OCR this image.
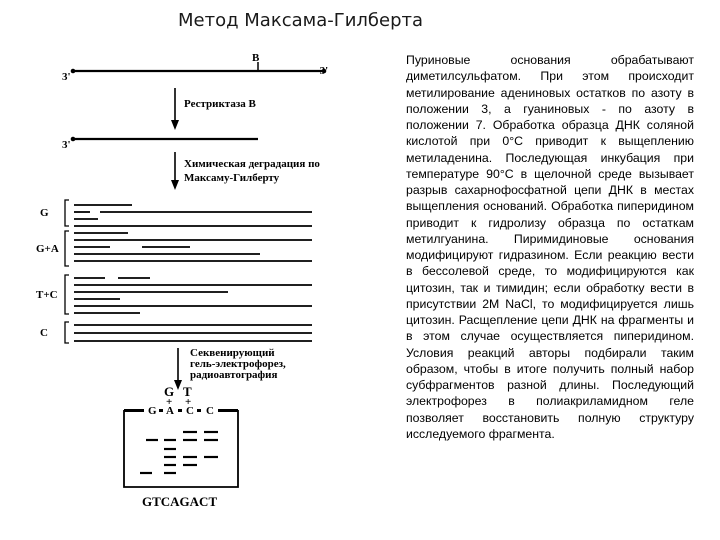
Метод Максама-Гилберта
B
3'	-3'
Рестриктаза В
3'
Химическая деградация по
Максаму-Гилберту
G
G+A
T+C
C
Секвенирующий
гель-электрофорез,
радиоавтография
G T
+ +
G A C C
GTCAGACT
Пуриновые основания обрабатывают диметилсульфатом. При этом происходит метилирование адениновых остатков по азоту в положении 3, а гуаниновых - по азоту в положении 7. Обработка образца ДНК соляной кислотой при 0°С приводит к выщеплению метиладенина. Последующая инкубация при температуре 90°С в щелочной среде вызывает разрыв сахарнофосфатной цепи ДНК в местах выщепления оснований. Обработка пиперидином приводит к гидролизу образца по остаткам метилгуанина. Пиримидиновые основания модифицируют гидразином. Если реакцию вести в бессолевой среде, то модифицируются как цитозин, так и тимидин; если обработку вести в присутствии 2М NaCl, то модифицируется лишь цитозин. Расщепление цепи ДНК на фрагменты и в этом случае осуществляется пиперидином. Условия реакций авторы подбирали таким образом, чтобы в итоге получить полный набор субфрагментов разной длины. Последующий электрофорез в полиакриламидном геле позволяет восстановить полную структуру исследуемого фрагмента.
